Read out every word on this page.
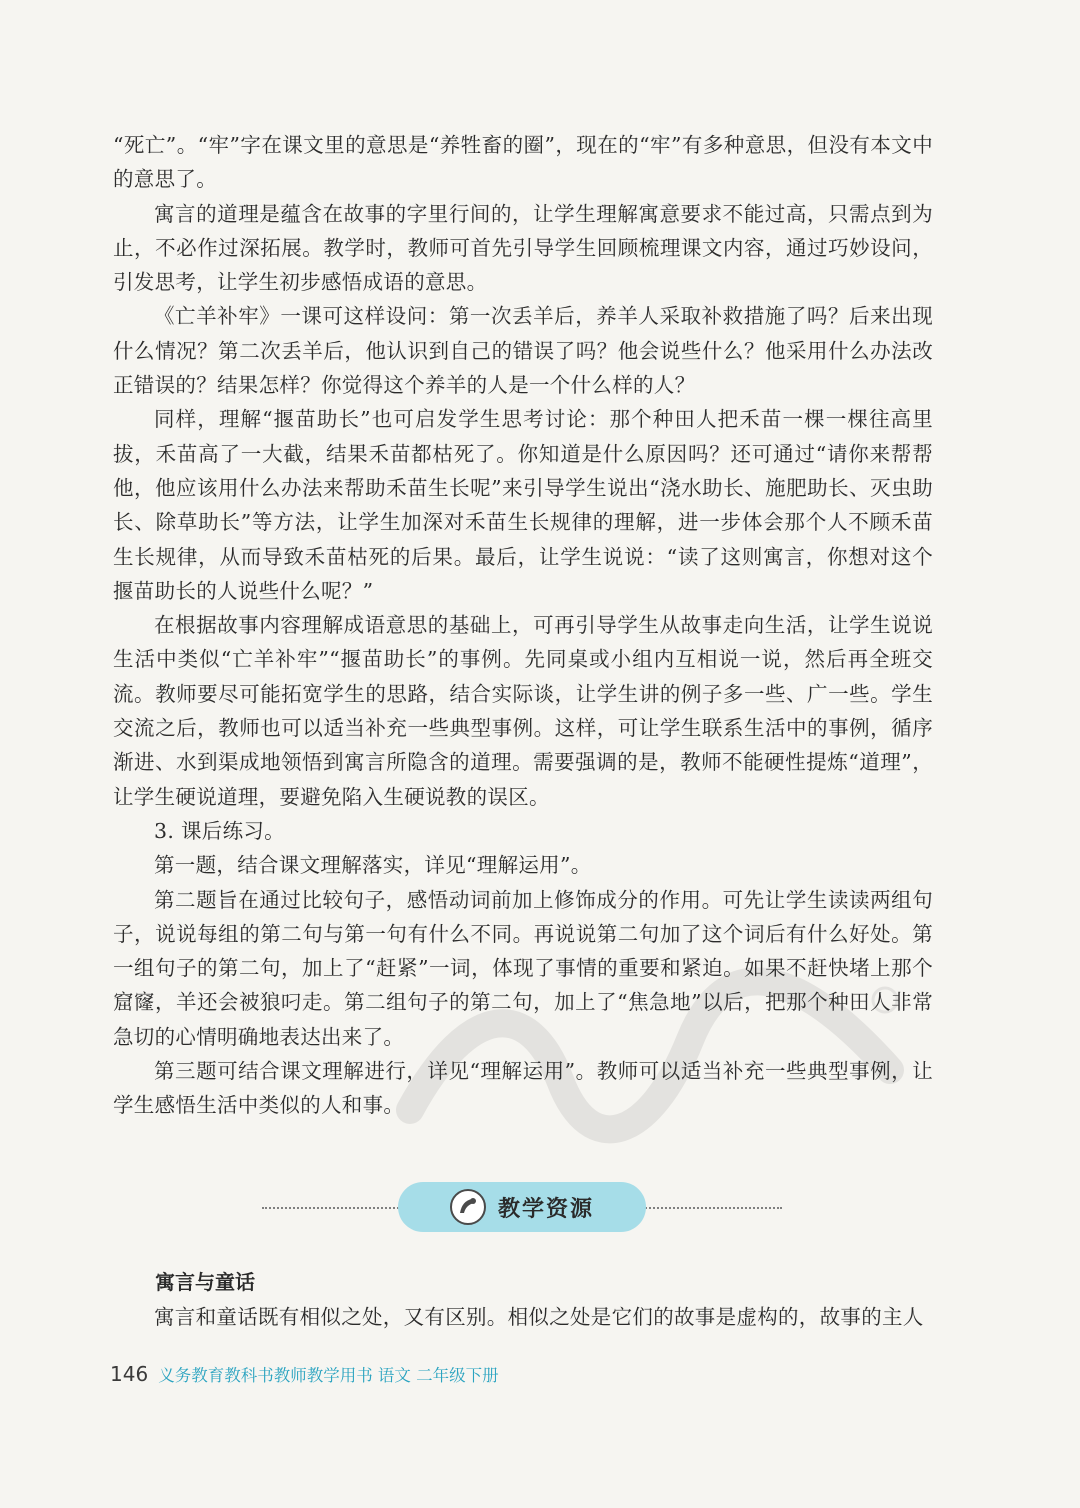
“死亡”。“牢”字在课文里的意思是“养牲畜的圈”，现在的“牢”有多种意思，但没有本文中的意思了。

寓言的道理是蕴含在故事的字里行间的，让学生理解寓意要求不能过高，只需点到为止，不必作过深拓展。教学时，教师可首先引导学生回顾梳理课文内容，通过巧妙设问，引发思考，让学生初步感悟成语的意思。

《亡羊补牢》一课可这样设问：第一次丢羊后，养羊人采取补救措施了吗？后来出现什么情况？第二次丢羊后，他认识到自己的错误了吗？他会说些什么？他采用什么办法改正错误的？结果怎样？你觉得这个养羊的人是一个什么样的人？

同样，理解“揠苗助长”也可启发学生思考讨论：那个种田人把禾苗一棵一棵往高里拔，禾苗高了一大截，结果禾苗都枯死了。你知道是什么原因吗？还可通过“请你来帮帮他，他应该用什么办法来帮助禾苗生长呢”来引导学生说出“浇水助长、施肥助长、灭虫助长、除草助长”等方法，让学生加深对禾苗生长规律的理解，进一步体会那个人不顾禾苗生长规律，从而导致禾苗枯死的后果。最后，让学生说说：“读了这则寓言，你想对这个揠苗助长的人说些什么呢？”

在根据故事内容理解成语意思的基础上，可再引导学生从故事走向生活，让学生说说生活中类似“亡羊补牢”“揠苗助长”的事例。先同桌或小组内互相说一说，然后再全班交流。教师要尽可能拓宽学生的思路，结合实际谈，让学生讲的例子多一些、广一些。学生交流之后，教师也可以适当补充一些典型事例。这样，可让学生联系生活中的事例，循序渐进、水到渠成地领悟到寓言所隐含的道理。需要强调的是，教师不能硬性提炼“道理”，让学生硬说道理，要避免陷入生硬说教的误区。

3. 课后练习。

第一题，结合课文理解落实，详见“理解运用”。

第二题旨在通过比较句子，感悟动词前加上修饰成分的作用。可先让学生读读两组句子，说说每组的第二句与第一句有什么不同。再说说第二句加了这个词后有什么好处。第一组句子的第二句，加上了“赶紧”一词，体现了事情的重要和紧迫。如果不赶快堵上那个窟窿，羊还会被狼叼走。第二组句子的第二句，加上了“焦急地”以后，把那个种田人非常急切的心情明确地表达出来了。

第三题可结合课文理解进行，详见“理解运用”。教师可以适当补充一些典型事例，让学生感悟生活中类似的人和事。

教学资源
寓言与童话
寓言和童话既有相似之处，又有区别。相似之处是它们的故事是虚构的，故事的主人
146 义务教育教科书教师教学用书 语文 二年级下册
